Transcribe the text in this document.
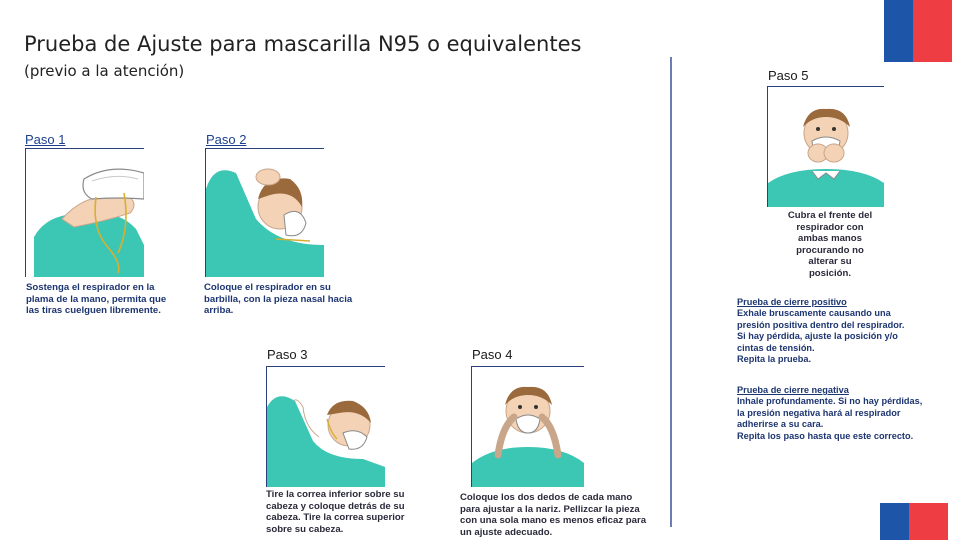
Prueba de Ajuste para mascarilla N95 o equivalentes
(previo a la atención)
Paso 1
Sostenga el respirador en la
plama de la mano, permita que
las tiras cuelguen libremente.
Paso 2
Coloque el respirador en su
barbilla, con la pieza nasal hacia
arriba.
Paso 3
Tire la correa inferior sobre su
cabeza y coloque detrás de su
cabeza. Tire la correa superior
sobre su cabeza.
Paso 4
Coloque los dos dedos de cada mano
para ajustar a la nariz. Pellizcar la pieza
con una sola mano es menos eficaz para
un ajuste adecuado.
Paso 5
Cubra el frente del
respirador con
ambas manos
procurando no
alterar su
posición.
Prueba de cierre positivo
Exhale bruscamente causando una
presión positiva dentro del respirador.
Si hay pérdida, ajuste la posición y/o
cintas de tensión.
Repita la prueba.
Prueba de cierre negativa
Inhale profundamente. Si no hay pérdidas,
la presión negativa hará al respirador
adherirse a su cara.
Repita los paso hasta que este correcto.
